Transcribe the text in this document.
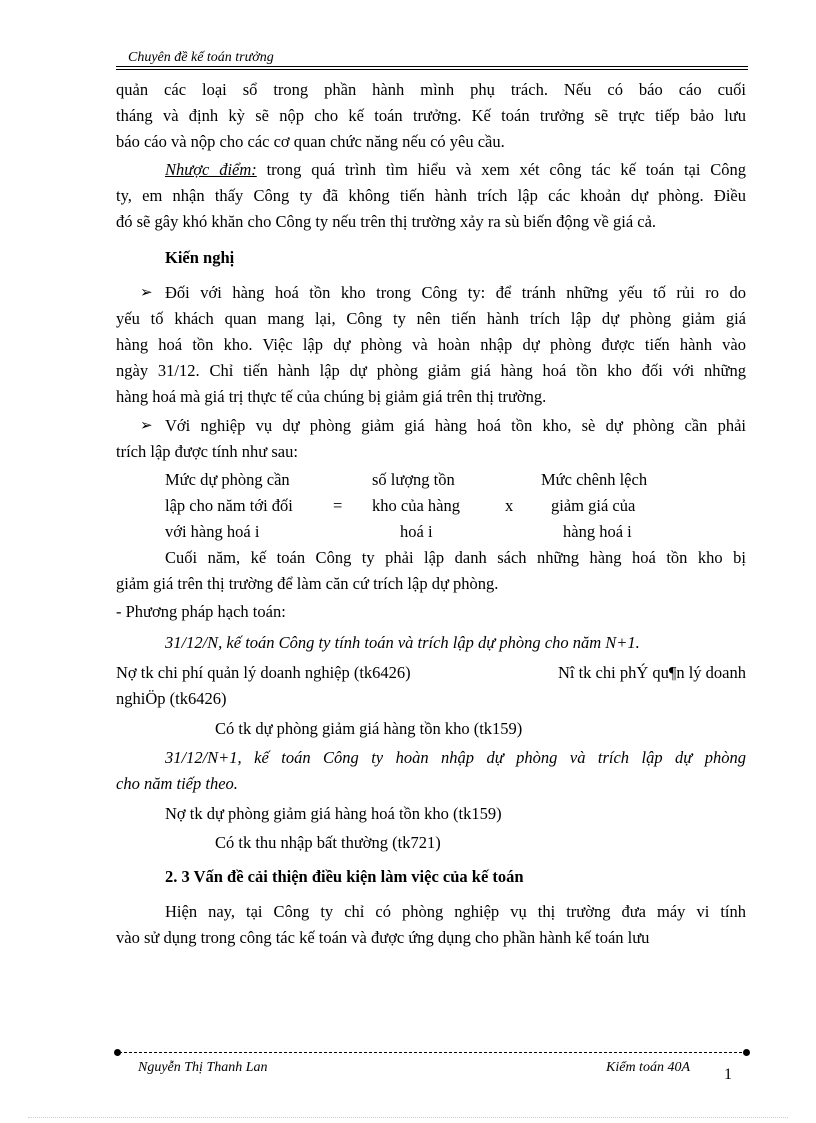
Chuyên đề kế toán trưởng
quản các loại sổ trong phần hành mình phụ trách. Nếu có báo cáo cuối
tháng và định kỳ sẽ nộp cho kế toán trưởng. Kế toán trưởng sẽ trực tiếp bảo lưu
báo cáo và nộp cho các cơ quan chức năng nếu có yêu cầu.
Nhược điểm: trong quá trình tìm hiểu và xem xét công tác kế toán tại Công
ty, em nhận thấy Công ty đã không tiến hành trích lập các khoản dự phòng. Điều
đó sẽ gây khó khăn cho Công ty nếu trên thị trường xảy ra sù biến động về giá cả.
Kiến nghị
➢ Đối với hàng hoá tồn kho trong Công ty: để tránh những yếu tố rủi ro do
yếu tố khách quan mang lại, Công ty nên tiến hành trích lập dự phòng giảm giá
hàng hoá tồn kho. Việc lập dự phòng và hoàn nhập dự phòng được tiến hành vào
ngày 31/12. Chỉ tiến hành lập dự phòng giảm giá hàng hoá tồn kho đối với những
hàng hoá mà giá trị thực tế của chúng bị giảm giá trên thị trường.
➢ Với nghiệp vụ dự phòng giảm giá hàng hoá tồn kho, sè dự phòng cần phải
trích lập được tính như sau:
Mức dự phòng cần
lập cho năm tới đối
với hàng hoá i
=
số lượng tồn
kho của hàng
hoá i
x
Mức chênh lệch
giảm giá của
hàng hoá i
Cuối năm, kế toán Công ty phải lập danh sách những hàng hoá tồn kho bị
giảm giá trên thị trường để làm căn cứ trích lập dự phòng.
- Phương pháp hạch toán:
31/12/N, kế toán Công ty tính toán và trích lập dự phòng cho năm N+1.
Nợ tk chi phí quản lý doanh nghiệp (tk6426)	Nî tk chi phÝ qu¶n lý doanh
nghiÖp (tk6426)
Có tk dự phòng giảm giá hàng tồn kho (tk159)
31/12/N+1, kế toán Công ty hoàn nhập dự phòng và trích lập dự phòng
cho năm tiếp theo.
Nợ tk dự phòng giảm giá hàng hoá tồn kho (tk159)
Có tk thu nhập bất thường (tk721)
2. 3 Vấn đề cải thiện điều kiện làm việc của kế toán
Hiện nay, tại Công ty chỉ có phòng nghiệp vụ thị trường đưa máy vi tính
vào sử dụng trong công tác kế toán và được ứng dụng cho phần hành kế toán lưu
Nguyễn Thị Thanh Lan	Kiểm toán 40A 1
